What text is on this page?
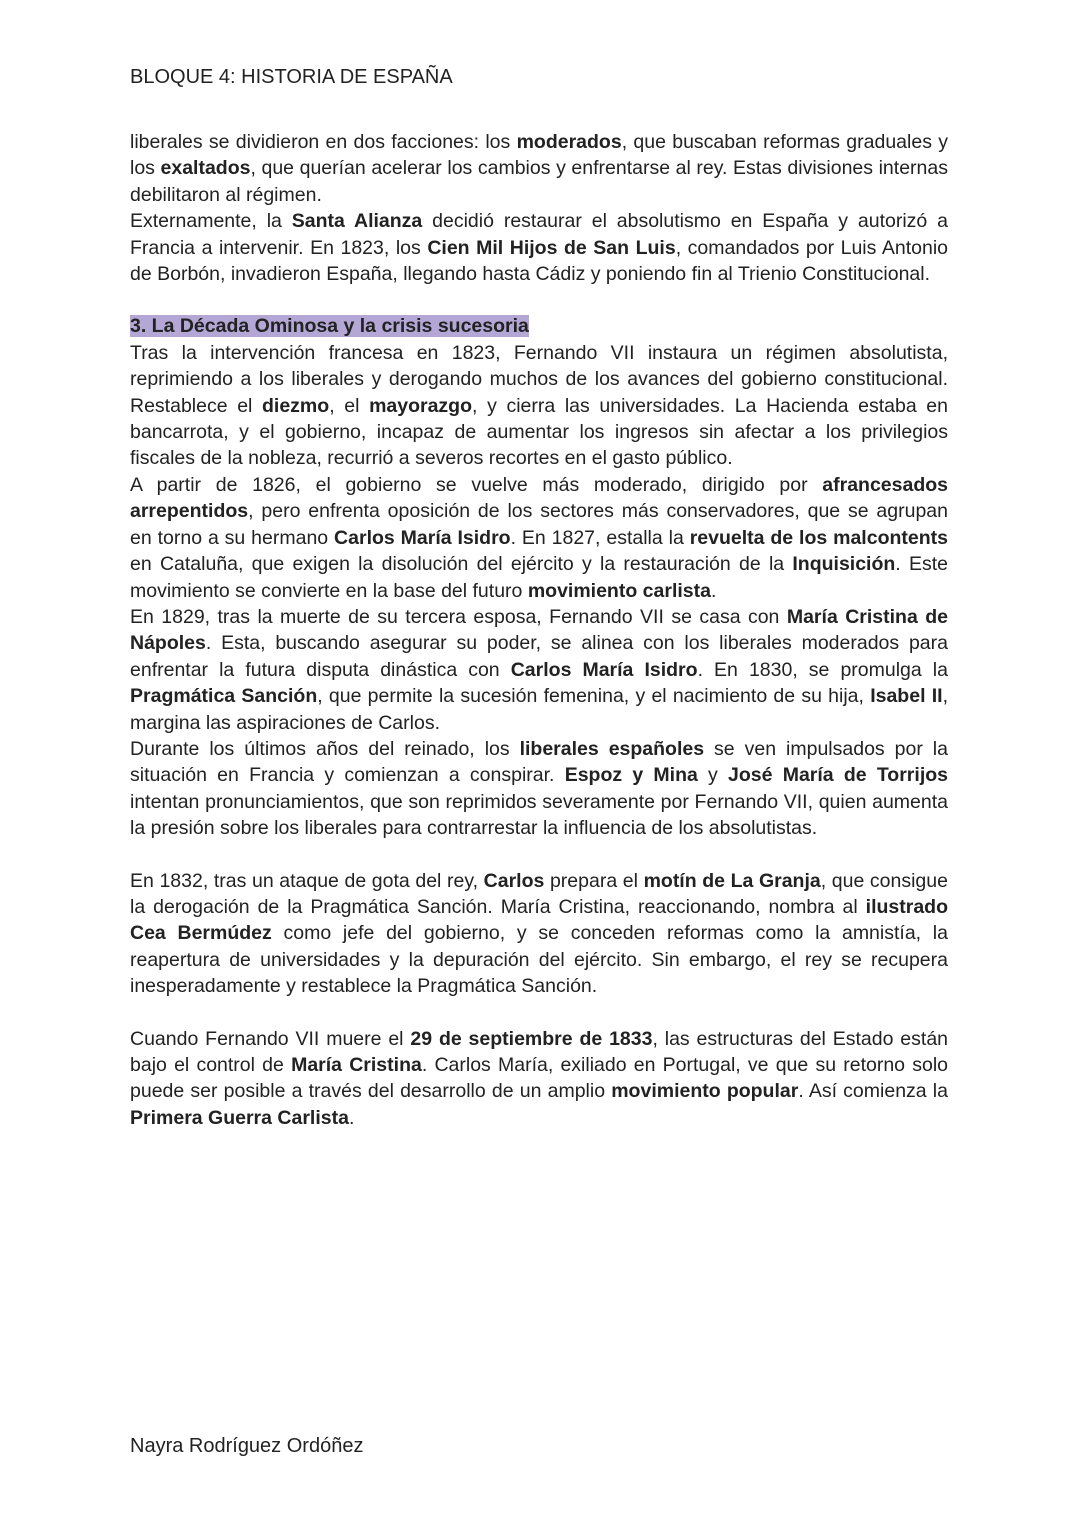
BLOQUE 4: HISTORIA DE ESPAÑA

liberales se dividieron en dos facciones: los moderados, que buscaban reformas graduales y los exaltados, que querían acelerar los cambios y enfrentarse al rey. Estas divisiones internas debilitaron al régimen.

Externamente, la Santa Alianza decidió restaurar el absolutismo en España y autorizó a Francia a intervenir. En 1823, los Cien Mil Hijos de San Luis, comandados por Luis Antonio de Borbón, invadieron España, llegando hasta Cádiz y poniendo fin al Trienio Constitucional.

3. La Década Ominosa y la crisis sucesoria

Tras la intervención francesa en 1823, Fernando VII instaura un régimen absolutista, reprimiendo a los liberales y derogando muchos de los avances del gobierno constitucional. Restablece el diezmo, el mayorazgo, y cierra las universidades. La Hacienda estaba en bancarrota, y el gobierno, incapaz de aumentar los ingresos sin afectar a los privilegios fiscales de la nobleza, recurrió a severos recortes en el gasto público.

A partir de 1826, el gobierno se vuelve más moderado, dirigido por afrancesados arrepentidos, pero enfrenta oposición de los sectores más conservadores, que se agrupan en torno a su hermano Carlos María Isidro. En 1827, estalla la revuelta de los malcontents en Cataluña, que exigen la disolución del ejército y la restauración de la Inquisición. Este movimiento se convierte en la base del futuro movimiento carlista.

En 1829, tras la muerte de su tercera esposa, Fernando VII se casa con María Cristina de Nápoles. Esta, buscando asegurar su poder, se alinea con los liberales moderados para enfrentar la futura disputa dinástica con Carlos María Isidro. En 1830, se promulga la Pragmática Sanción, que permite la sucesión femenina, y el nacimiento de su hija, Isabel II, margina las aspiraciones de Carlos.

Durante los últimos años del reinado, los liberales españoles se ven impulsados por la situación en Francia y comienzan a conspirar. Espoz y Mina y José María de Torrijos intentan pronunciamientos, que son reprimidos severamente por Fernando VII, quien aumenta la presión sobre los liberales para contrarrestar la influencia de los absolutistas.

En 1832, tras un ataque de gota del rey, Carlos prepara el motín de La Granja, que consigue la derogación de la Pragmática Sanción. María Cristina, reaccionando, nombra al ilustrado Cea Bermúdez como jefe del gobierno, y se conceden reformas como la amnistía, la reapertura de universidades y la depuración del ejército. Sin embargo, el rey se recupera inesperadamente y restablece la Pragmática Sanción.

Cuando Fernando VII muere el 29 de septiembre de 1833, las estructuras del Estado están bajo el control de María Cristina. Carlos María, exiliado en Portugal, ve que su retorno solo puede ser posible a través del desarrollo de un amplio movimiento popular. Así comienza la Primera Guerra Carlista.

Nayra Rodríguez Ordóñez
